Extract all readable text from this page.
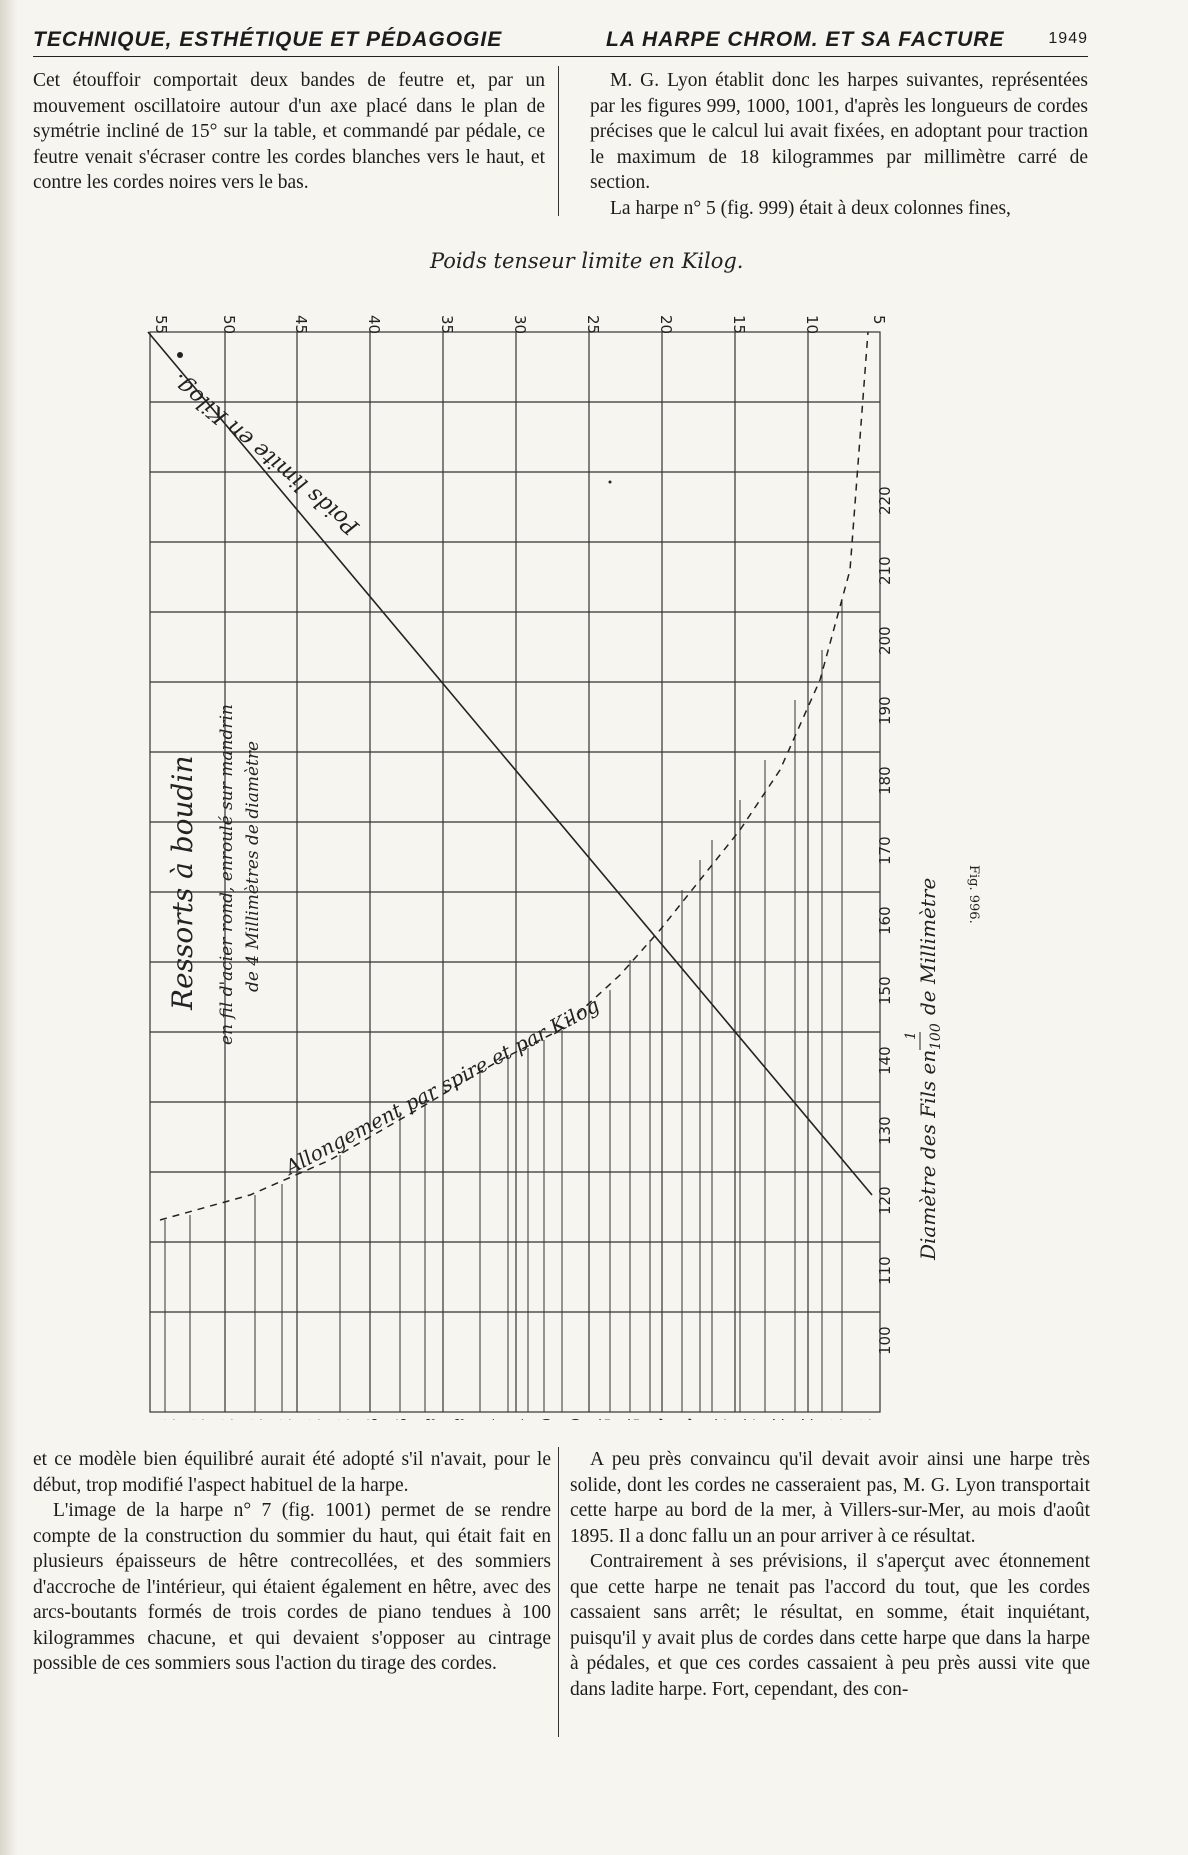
TECHNIQUE, ESTHÉTIQUE ET PÉDAGOGIE	LA HARPE CHROM. ET SA FACTURE	1949

Cet étouffoir comportait deux bandes de feutre et, par un mouvement oscillatoire autour d'un axe placé dans le plan de symétrie incliné de 15° sur la table, et commandé par pédale, ce feutre venait s'écraser contre les cordes blanches vers le haut, et contre les cordes noires vers le bas.

M. G. Lyon établit donc les harpes suivantes, représentées par les figures 999, 1000, 1001, d'après les longueurs de cordes précises que le calcul lui avait fixées, en adoptant pour traction le maximum de 18 kilogrammes par millimètre carré de section.

La harpe n° 5 (fig. 999) était à deux colonnes fines,

Poids tenseur limite en Kilog.
55	50	45	40	35	30	25	20	15	10	5
100
110
120
130
140
150
160
170
180
190
200
210
220
Diamètre des Fils en
1 100
de Millimètre Fig. 996.
Poids limite en Kilog.
Allongement par spire et par Kilog
Ressorts à boudin en fil d'acier rond, enroulé sur mandrin de 4 Millimètres de diamètre

et ce modèle bien équilibré aurait été adopté s'il n'avait, pour le début, trop modifié l'aspect habituel de la harpe.

L'image de la harpe n° 7 (fig. 1001) permet de se rendre compte de la construction du sommier du haut, qui était fait en plusieurs épaisseurs de hêtre contrecollées, et des sommiers d'accroche de l'intérieur, qui étaient également en hêtre, avec des arcs-boutants formés de trois cordes de piano tendues à 100 kilogrammes chacune, et qui devaient s'opposer au cintrage possible de ces sommiers sous l'action du tirage des cordes.

A peu près convaincu qu'il devait avoir ainsi une harpe très solide, dont les cordes ne casseraient pas, M. G. Lyon transportait cette harpe au bord de la mer, à Villers-sur-Mer, au mois d'août 1895. Il a donc fallu un an pour arriver à ce résultat.

Contrairement à ses prévisions, il s'aperçut avec étonnement que cette harpe ne tenait pas l'accord du tout, que les cordes cassaient sans arrêt; le résultat, en somme, était inquiétant, puisqu'il y avait plus de cordes dans cette harpe que dans la harpe à pédales, et que ces cordes cassaient à peu près aussi vite que dans ladite harpe. Fort, cependant, des con-
